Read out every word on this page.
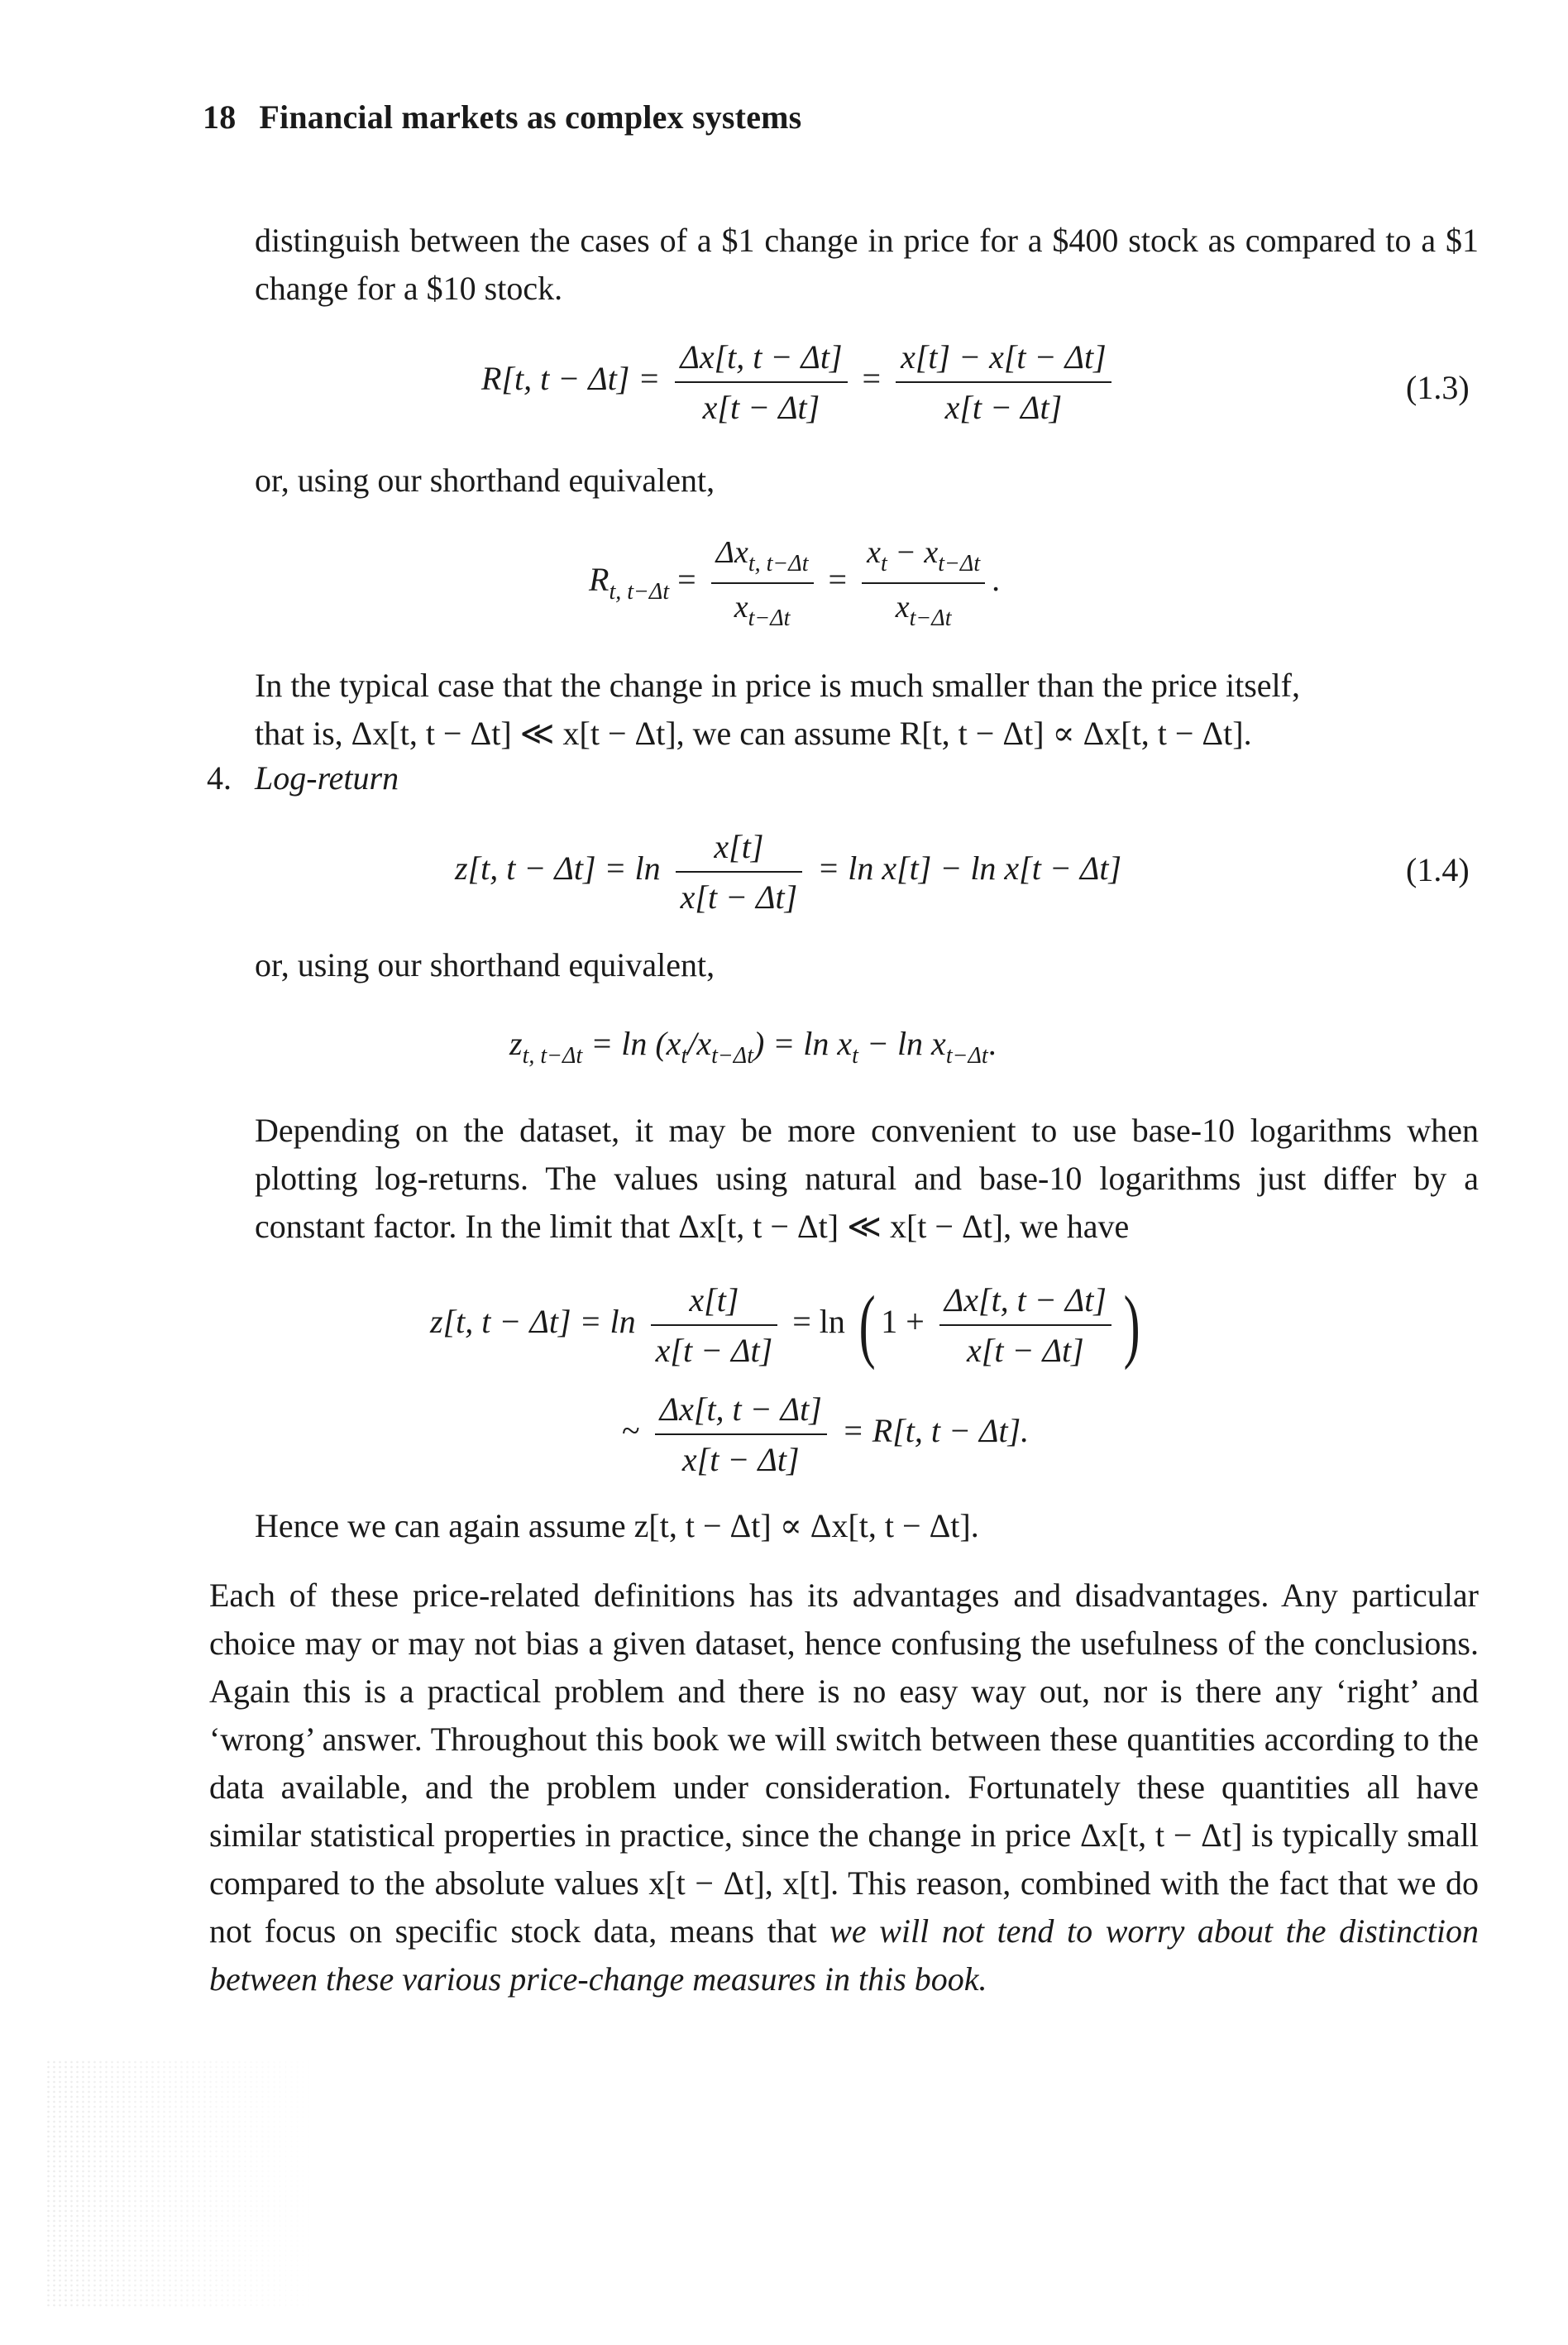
18 Financial markets as complex systems
distinguish between the cases of a $1 change in price for a $400 stock as compared to a $1 change for a $10 stock.
R[t, $t - \Delta t] = \frac{\Delta x[t, t - \Delta t]}{x[t - \Delta t]} = \frac{x[t] - x[t - \Delta t]}{x[t - \Delta t]}$	(1.3)
or, using our shorthand equivalent,
$R_{t, t-\Delta t} = \frac{\Delta x_{t, t-\Delta t}}{x_{t-\Delta t}} = \frac{x_t - x_{t-\Delta t}}{x_{t-\Delta t}}$ .
In the typical case that the change in price is much smaller than the price itself,
that is, Δx[t, t − Δt] ≪ x[t − Δt], we can assume R[t, t − Δt] ∝ Δx[t, t − Δt].
4. Log-return
z[t, $t - \Delta t] = \ln \frac{x[t]}{x[t - \Delta t]} = \ln x[t] - \ln x[t - \Delta t]$	(1.4)
or, using our shorthand equivalent,
$z_{t, t-\Delta t} = \ln (x_t/x_{t-\Delta t}) = \ln x_t - \ln x_{t-\Delta t}$.
Depending on the dataset, it may be more convenient to use base-10 logarithms when plotting log-returns. The values using natural and base-10 logarithms just differ by a constant factor. In the limit that Δx[t, t − Δt] ≪ x[t − Δt], we have
z[t, $t - \Delta t] = \ln \frac{x[t]}{x[t - \Delta t]} = \ln$ ( $1 + \frac{\Delta x[t, t - \Delta t]}{x[t - \Delta t]}$ )
~ $\frac{\Delta x[t, t - \Delta t]}{x[t - \Delta t]} = R[t$, t − Δt].
Hence we can again assume z[t, t − Δt] ∝ Δx[t, t − Δt].
Each of these price-related definitions has its advantages and disadvantages. Any particular choice may or may not bias a given dataset, hence confusing the usefulness of the conclusions. Again this is a practical problem and there is no easy way out, nor is there any ‘right’ and ‘wrong’ answer. Throughout this book we will switch between these quantities according to the data available, and the problem under consideration. Fortunately these quantities all have similar statistical properties in practice, since the change in price Δx[t, t − Δt] is typically small compared to the absolute values x[t − Δt], x[t]. This reason, combined with the fact that we do not focus on specific stock data, means that we will not tend to worry about the distinction between these various price-change measures in this book.
